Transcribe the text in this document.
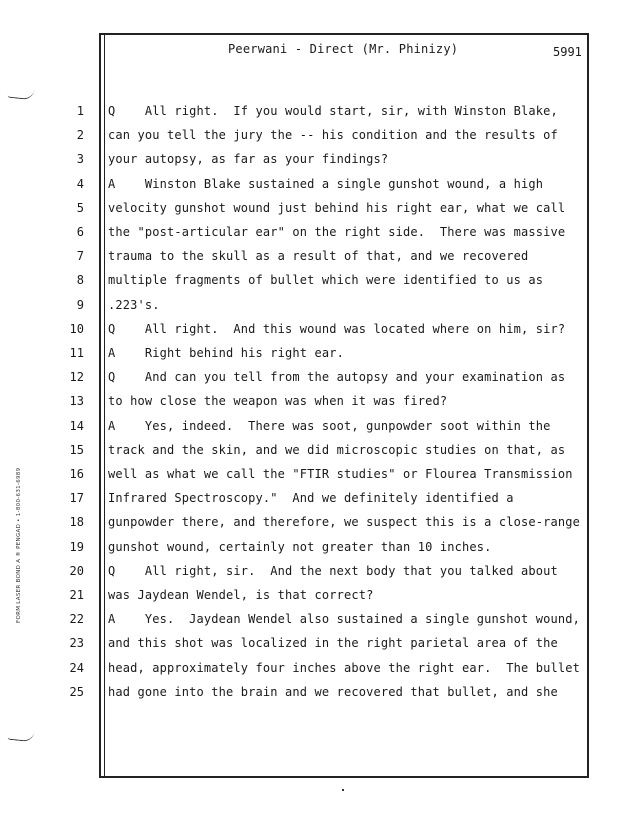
Peerwani - Direct (Mr. Phinizy)	5991
FORM LASER BOND A ® PENGAD • 1-800-631-6989
1 Q    All right.  If you would start, sir, with Winston Blake,
2 can you tell the jury the -- his condition and the results of
3 your autopsy, as far as your findings?
4 A    Winston Blake sustained a single gunshot wound, a high
5 velocity gunshot wound just behind his right ear, what we call
6 the "post-articular ear" on the right side.  There was massive
7 trauma to the skull as a result of that, and we recovered
8 multiple fragments of bullet which were identified to us as
9 .223's.
10 Q    All right.  And this wound was located where on him, sir?
11 A    Right behind his right ear.
12 Q    And can you tell from the autopsy and your examination as
13 to how close the weapon was when it was fired?
14 A    Yes, indeed.  There was soot, gunpowder soot within the
15 track and the skin, and we did microscopic studies on that, as
16 well as what we call the "FTIR studies" or Flourea Transmission
17 Infrared Spectroscopy."  And we definitely identified a
18 gunpowder there, and therefore, we suspect this is a close-range
19 gunshot wound, certainly not greater than 10 inches.
20 Q    All right, sir.  And the next body that you talked about
21 was Jaydean Wendel, is that correct?
22 A    Yes.  Jaydean Wendel also sustained a single gunshot wound,
23 and this shot was localized in the right parietal area of the
24 head, approximately four inches above the right ear.  The bullet
25 had gone into the brain and we recovered that bullet, and she
